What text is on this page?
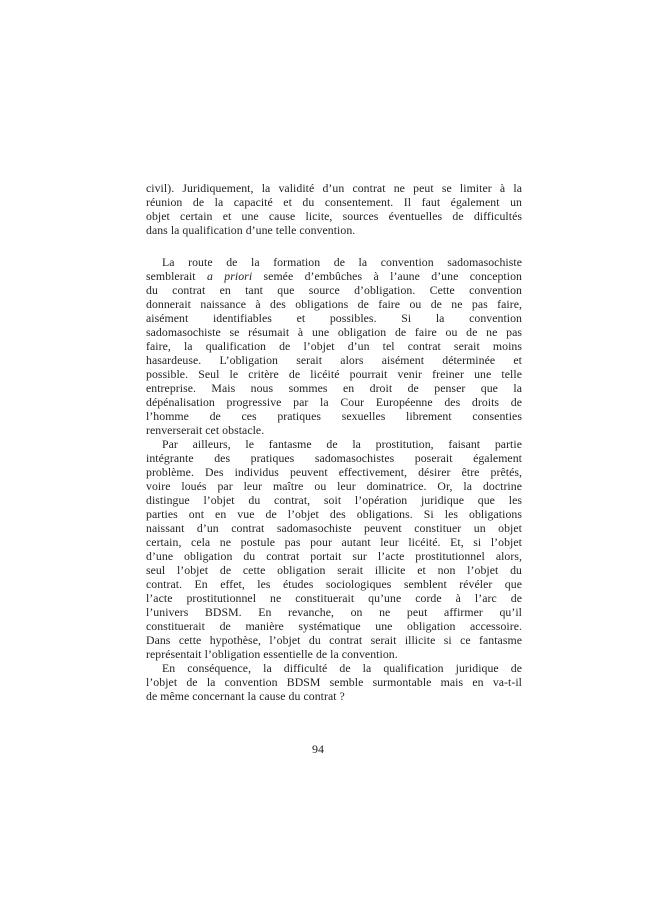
civil). Juridiquement, la validité d’un contrat ne peut se limiter à la
réunion de la capacité et du consentement. Il faut également un
objet certain et une cause licite, sources éventuelles de difficultés
dans la qualification d’une telle convention.
La route de la formation de la convention sadomasochiste
semblerait a priori semée d’embûches à l’aune d’une conception
du contrat en tant que source d’obligation. Cette convention
donnerait naissance à des obligations de faire ou de ne pas faire,
aisément identifiables et possibles. Si la convention
sadomasochiste se résumait à une obligation de faire ou de ne pas
faire, la qualification de l’objet d’un tel contrat serait moins
hasardeuse. L’obligation serait alors aisément déterminée et
possible. Seul le critère de licéité pourrait venir freiner une telle
entreprise. Mais nous sommes en droit de penser que la
dépénalisation progressive par la Cour Européenne des droits de
l’homme de ces pratiques sexuelles librement consenties
renverserait cet obstacle.
Par ailleurs, le fantasme de la prostitution, faisant partie
intégrante des pratiques sadomasochistes poserait également
problème. Des individus peuvent effectivement, désirer être prêtés,
voire loués par leur maître ou leur dominatrice. Or, la doctrine
distingue l’objet du contrat, soit l’opération juridique que les
parties ont en vue de l’objet des obligations. Si les obligations
naissant d’un contrat sadomasochiste peuvent constituer un objet
certain, cela ne postule pas pour autant leur licéité. Et, si l’objet
d’une obligation du contrat portait sur l’acte prostitutionnel alors,
seul l’objet de cette obligation serait illicite et non l’objet du
contrat. En effet, les études sociologiques semblent révéler que
l’acte prostitutionnel ne constituerait qu’une corde à l’arc de
l’univers BDSM. En revanche, on ne peut affirmer qu’il
constituerait de manière systématique une obligation accessoire.
Dans cette hypothèse, l’objet du contrat serait illicite si ce fantasme
représentait l’obligation essentielle de la convention.
En conséquence, la difficulté de la qualification juridique de
l’objet de la convention BDSM semble surmontable mais en va-t-il
de même concernant la cause du contrat ?
94
